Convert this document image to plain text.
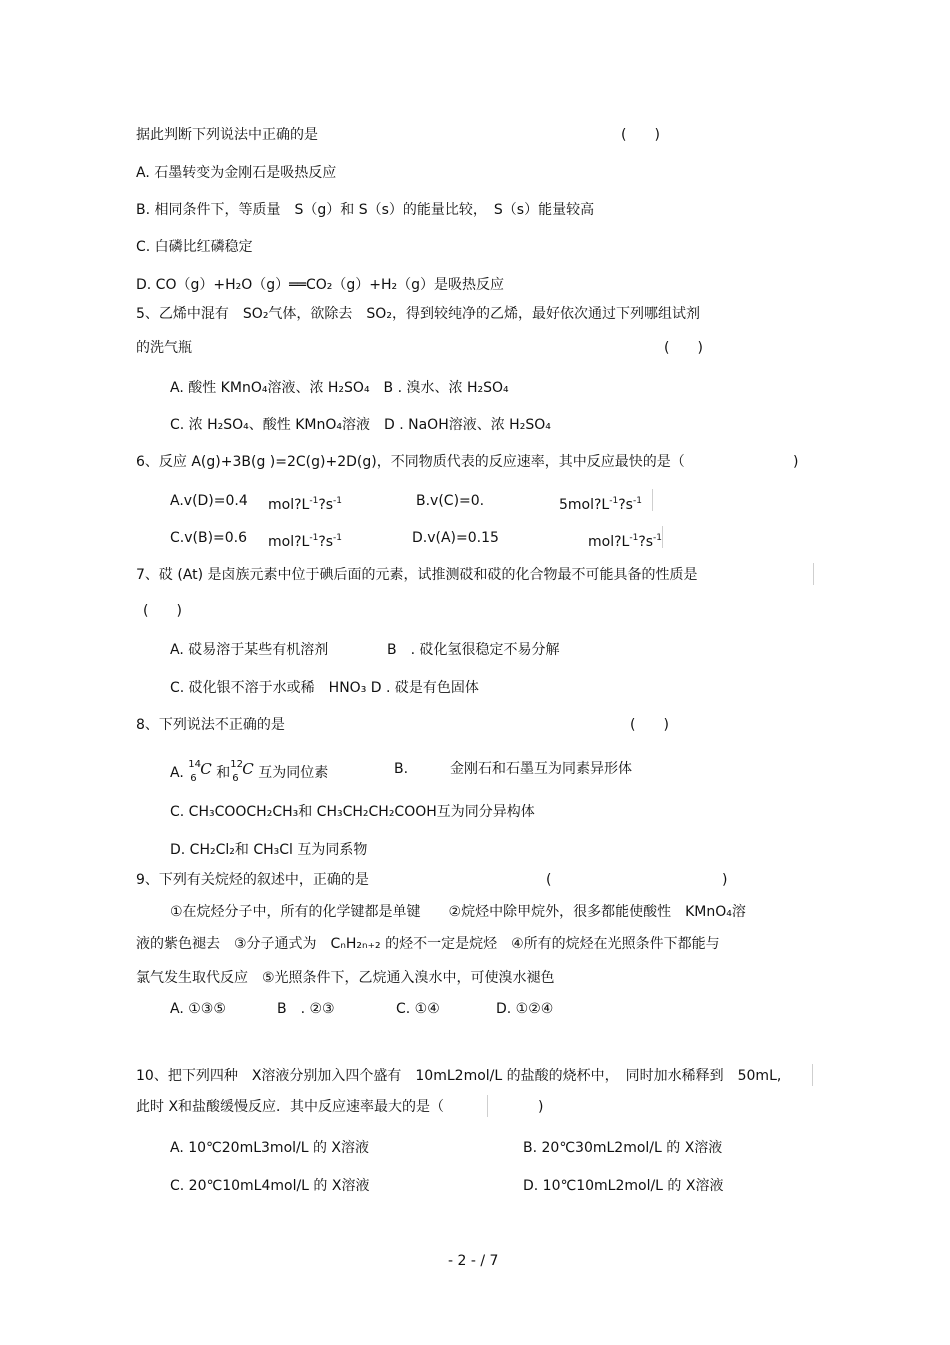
据此判断下列说法中正确的是	(　　)
A. 石墨转变为金刚石是吸热反应
B. 相同条件下，等质量　S（g）和 S（s）的能量比较，　S（s）能量较高
C. 白磷比红磷稳定
D. CO（g）+H₂O（g）══CO₂（g）+H₂（g）是吸热反应
5、乙烯中混有　SO₂气体，欲除去　SO₂，得到较纯净的乙烯，最好依次通过下列哪组试剂
的洗气瓶	(　　)
A. 酸性 KMnO₄溶液、浓 H₂SO₄　B . 溴水、浓 H₂SO₄
C. 浓 H₂SO₄、酸性 KMnO₄溶液　D . NaOH溶液、浓 H₂SO₄
6、反应 A(g)+3B(g )=2C(g)+2D(g)，不同物质代表的反应速率，其中反应最快的是（	)
A.v(D)=0.4 $mol?L^{-1}?s^{-1}$	B.v(C)=0.	$5mol?L^{-1}?s^{-1}$
C.v(B)=0.6 $mol?L^{-1}?s^{-1}$	D.v(A)=0.15	$mol?L^{-1}?s^{-1}$
7、砹 (At) 是卤族元素中位于碘后面的元素，试推测砹和砹的化合物最不可能具备的性质是
(　　)
A. 砹易溶于某些有机溶剂	B　. 砹化氢很稳定不易分解
C. 砹化银不溶于水或稀　HNO₃ D . 砹是有色固体
8、下列说法不正确的是	(　　)
A.
14
6
C 和
12
6
C 互为同位素	B.　　　金刚石和石墨互为同素异形体
C. CH₃COOCH₂CH₃和 CH₃CH₂CH₂COOH互为同分异构体
D. CH₂Cl₂和 CH₃Cl 互为同系物
9、下列有关烷烃的叙述中，正确的是	(	)
①在烷烃分子中，所有的化学键都是单键　　②烷烃中除甲烷外，很多都能使酸性　KMnO₄溶
液的紫色褪去　③分子通式为　CₙH₂ₙ₊₂ 的烃不一定是烷烃　④所有的烷烃在光照条件下都能与
氯气发生取代反应　⑤光照条件下，乙烷通入溴水中，可使溴水褪色
A. ①③⑤	B　. ②③	C. ①④	D. ①②④
10、把下列四种　X溶液分别加入四个盛有　10mL2mol/L 的盐酸的烧杯中，　同时加水稀释到　50mL,
此时 X和盐酸缓慢反应．其中反应速率最大的是（	)
A. 10℃20mL3mol/L 的 X溶液	B. 20℃30mL2mol/L 的 X溶液
C. 20℃10mL4mol/L 的 X溶液	D. 10℃10mL2mol/L 的 X溶液
- 2 - / 7
